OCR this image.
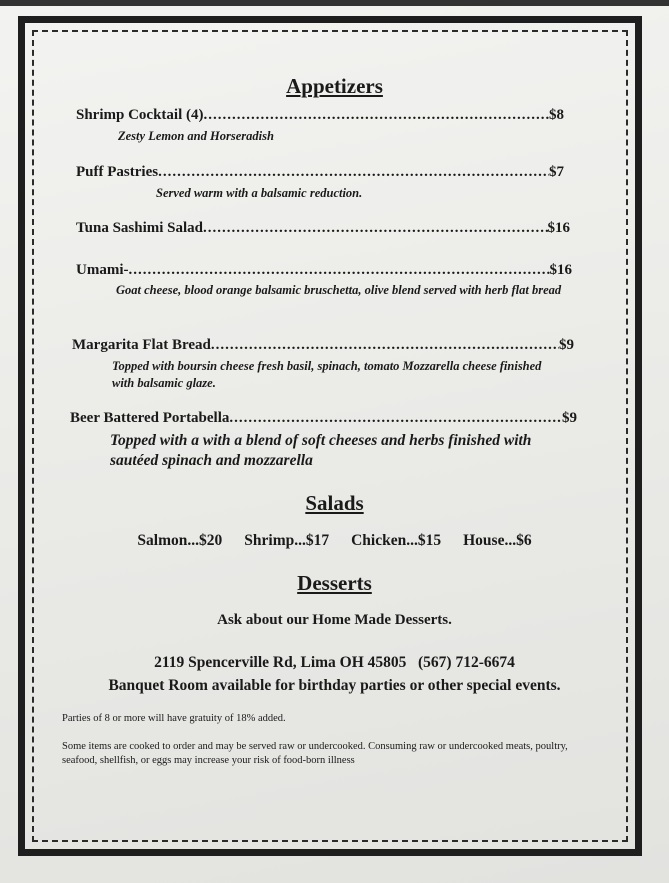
Appetizers
Shrimp Cocktail (4) .....	$8
Zesty Lemon and Horseradish
Puff Pastries .....	$7
Served warm with a balsamic reduction.
Tuna Sashimi Salad .....	$16
Umami- .....	$16
Goat cheese, blood orange balsamic bruschetta, olive blend served with herb flat bread
Margarita Flat Bread .....	$9
Topped with boursin cheese fresh basil, spinach, tomato Mozzarella cheese finished with balsamic glaze.
Beer Battered Portabella .....	$9
Topped with a with a blend of soft cheeses and herbs finished with sautéed spinach and mozzarella
Salads
Salmon...$20 Shrimp...$17 Chicken...$15 House...$6
Desserts
Ask about our Home Made Desserts.
2119 Spencerville Rd, Lima OH 45805   (567) 712-6674
Banquet Room available for birthday parties or other special events.
Parties of 8 or more will have gratuity of 18% added.
Some items are cooked to order and may be served raw or undercooked. Consuming raw or undercooked meats, poultry, seafood, shellfish, or eggs may increase your risk of food-born illness
